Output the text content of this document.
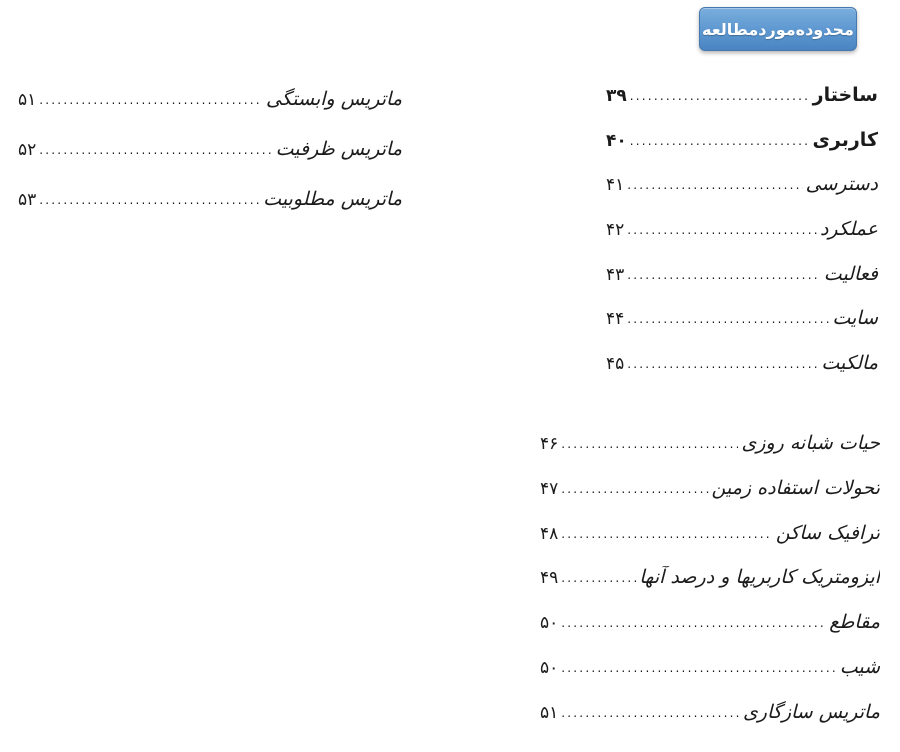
محدوده‌مورد‌مطالعه
ساختار
.....
۳۹
کاربری
.....
۴۰
دسترسی
.....
۴۱
عملکرد
.....
۴۲
فعالیت
.....
۴۳
سایت
.....
۴۴
مالکیت
.....
۴۵
حیات شبانه روزی
.....
۴۶
تحولات استفاده زمین
.....
۴۷
ترافیک ساکن
.....
۴۸
ایزومتریک کاربریها و درصد آنها
.....
۴۹
مقاطع
.....
۵۰
شیب
.....
۵۰
ماتریس سازگاری
.....
۵۱
ماتریس وابستگی
.....
۵۱
ماتریس ظرفیت
.....
۵۲
ماتریس مطلوبیت
.....
۵۳
